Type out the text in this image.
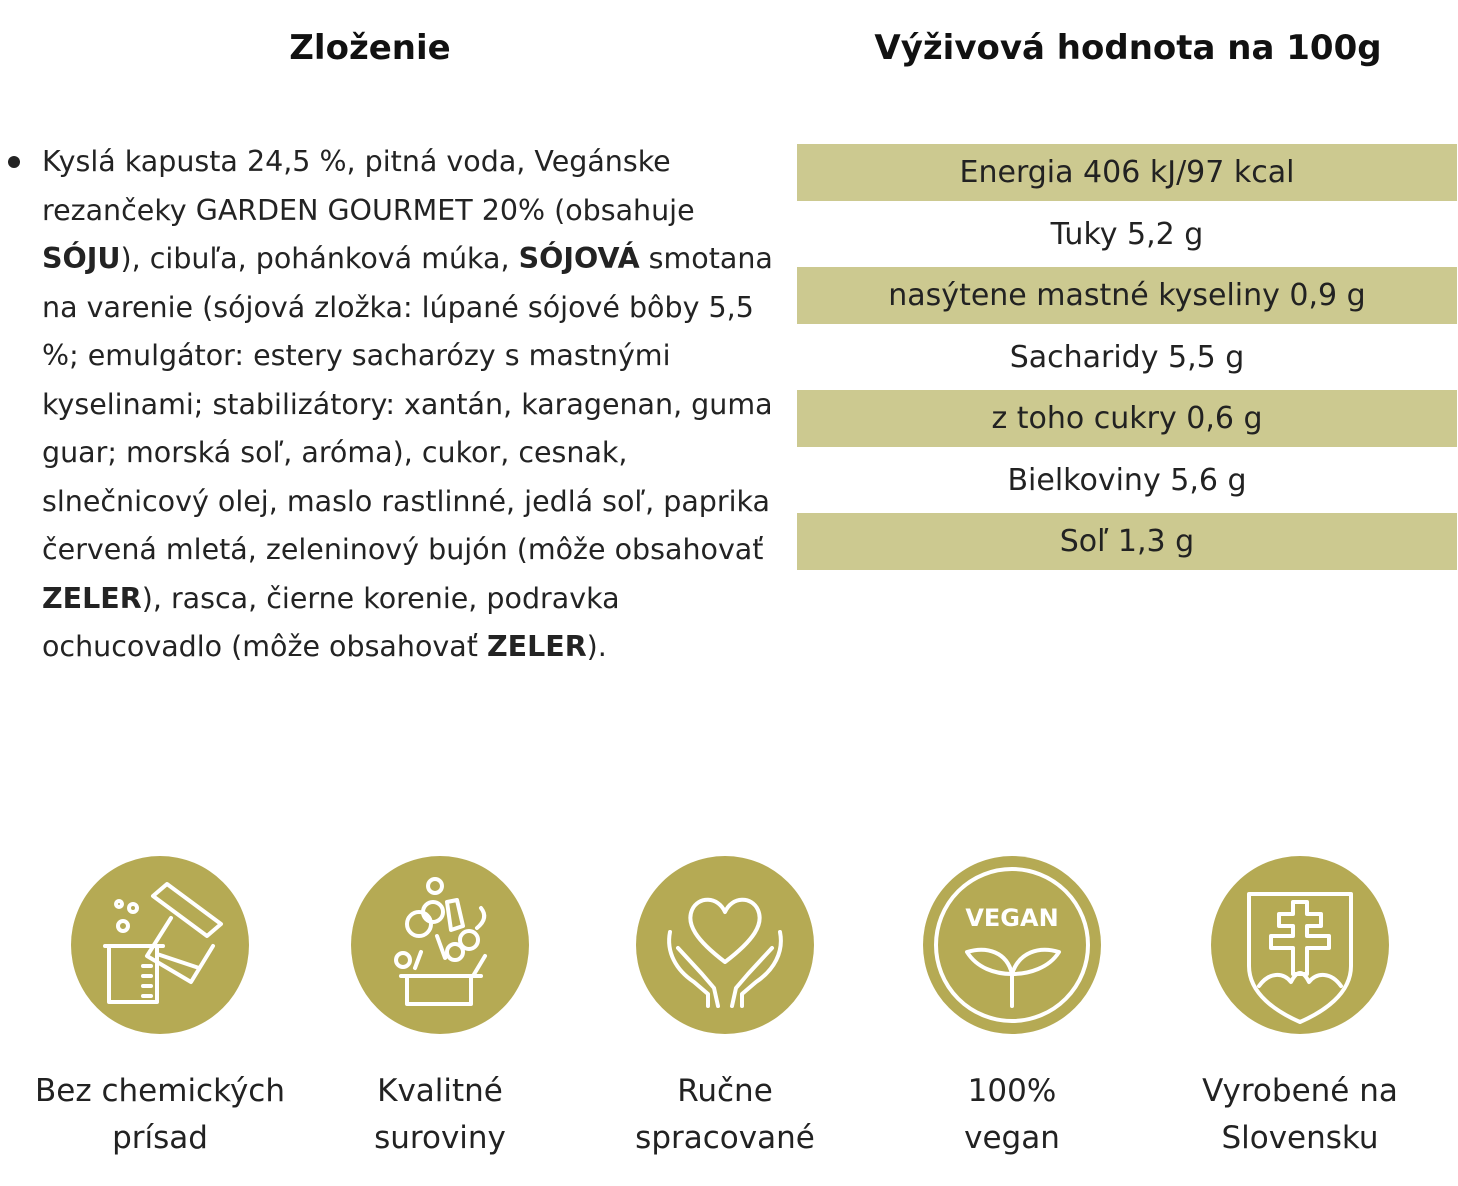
Zloženie	Výživová hodnota na 100g
Kyslá kapusta 24,5 %, pitná voda, Vegánske rezančeky GARDEN GOURMET 20% (obsahuje SÓJU), cibuľa, pohánková múka, SÓJOVÁ smotana na varenie (sójová zložka: lúpané sójové bôby 5,5 %; emulgátor: estery sacharózy s mastnými kyselinami; stabilizátory: xantán, karagenan, guma guar; morská soľ, aróma), cukor, cesnak, slnečnicový olej, maslo rastlinné, jedlá soľ, paprika červená mletá, zeleninový bujón (môže obsahovať ZELER), rasca, čierne korenie, podravka ochucovadlo (môže obsahovať ZELER).
Energia 406 kJ/97 kcal
Tuky 5,2 g
nasýtene mastné kyseliny 0,9 g
Sacharidy 5,5 g
z toho cukry 0,6 g
Bielkoviny 5,6 g
Soľ 1,3 g
Bez chemických
prísad
Kvalitné
suroviny
Ručne
spracované
VEGAN
100%
vegan
Vyrobené na
Slovensku
